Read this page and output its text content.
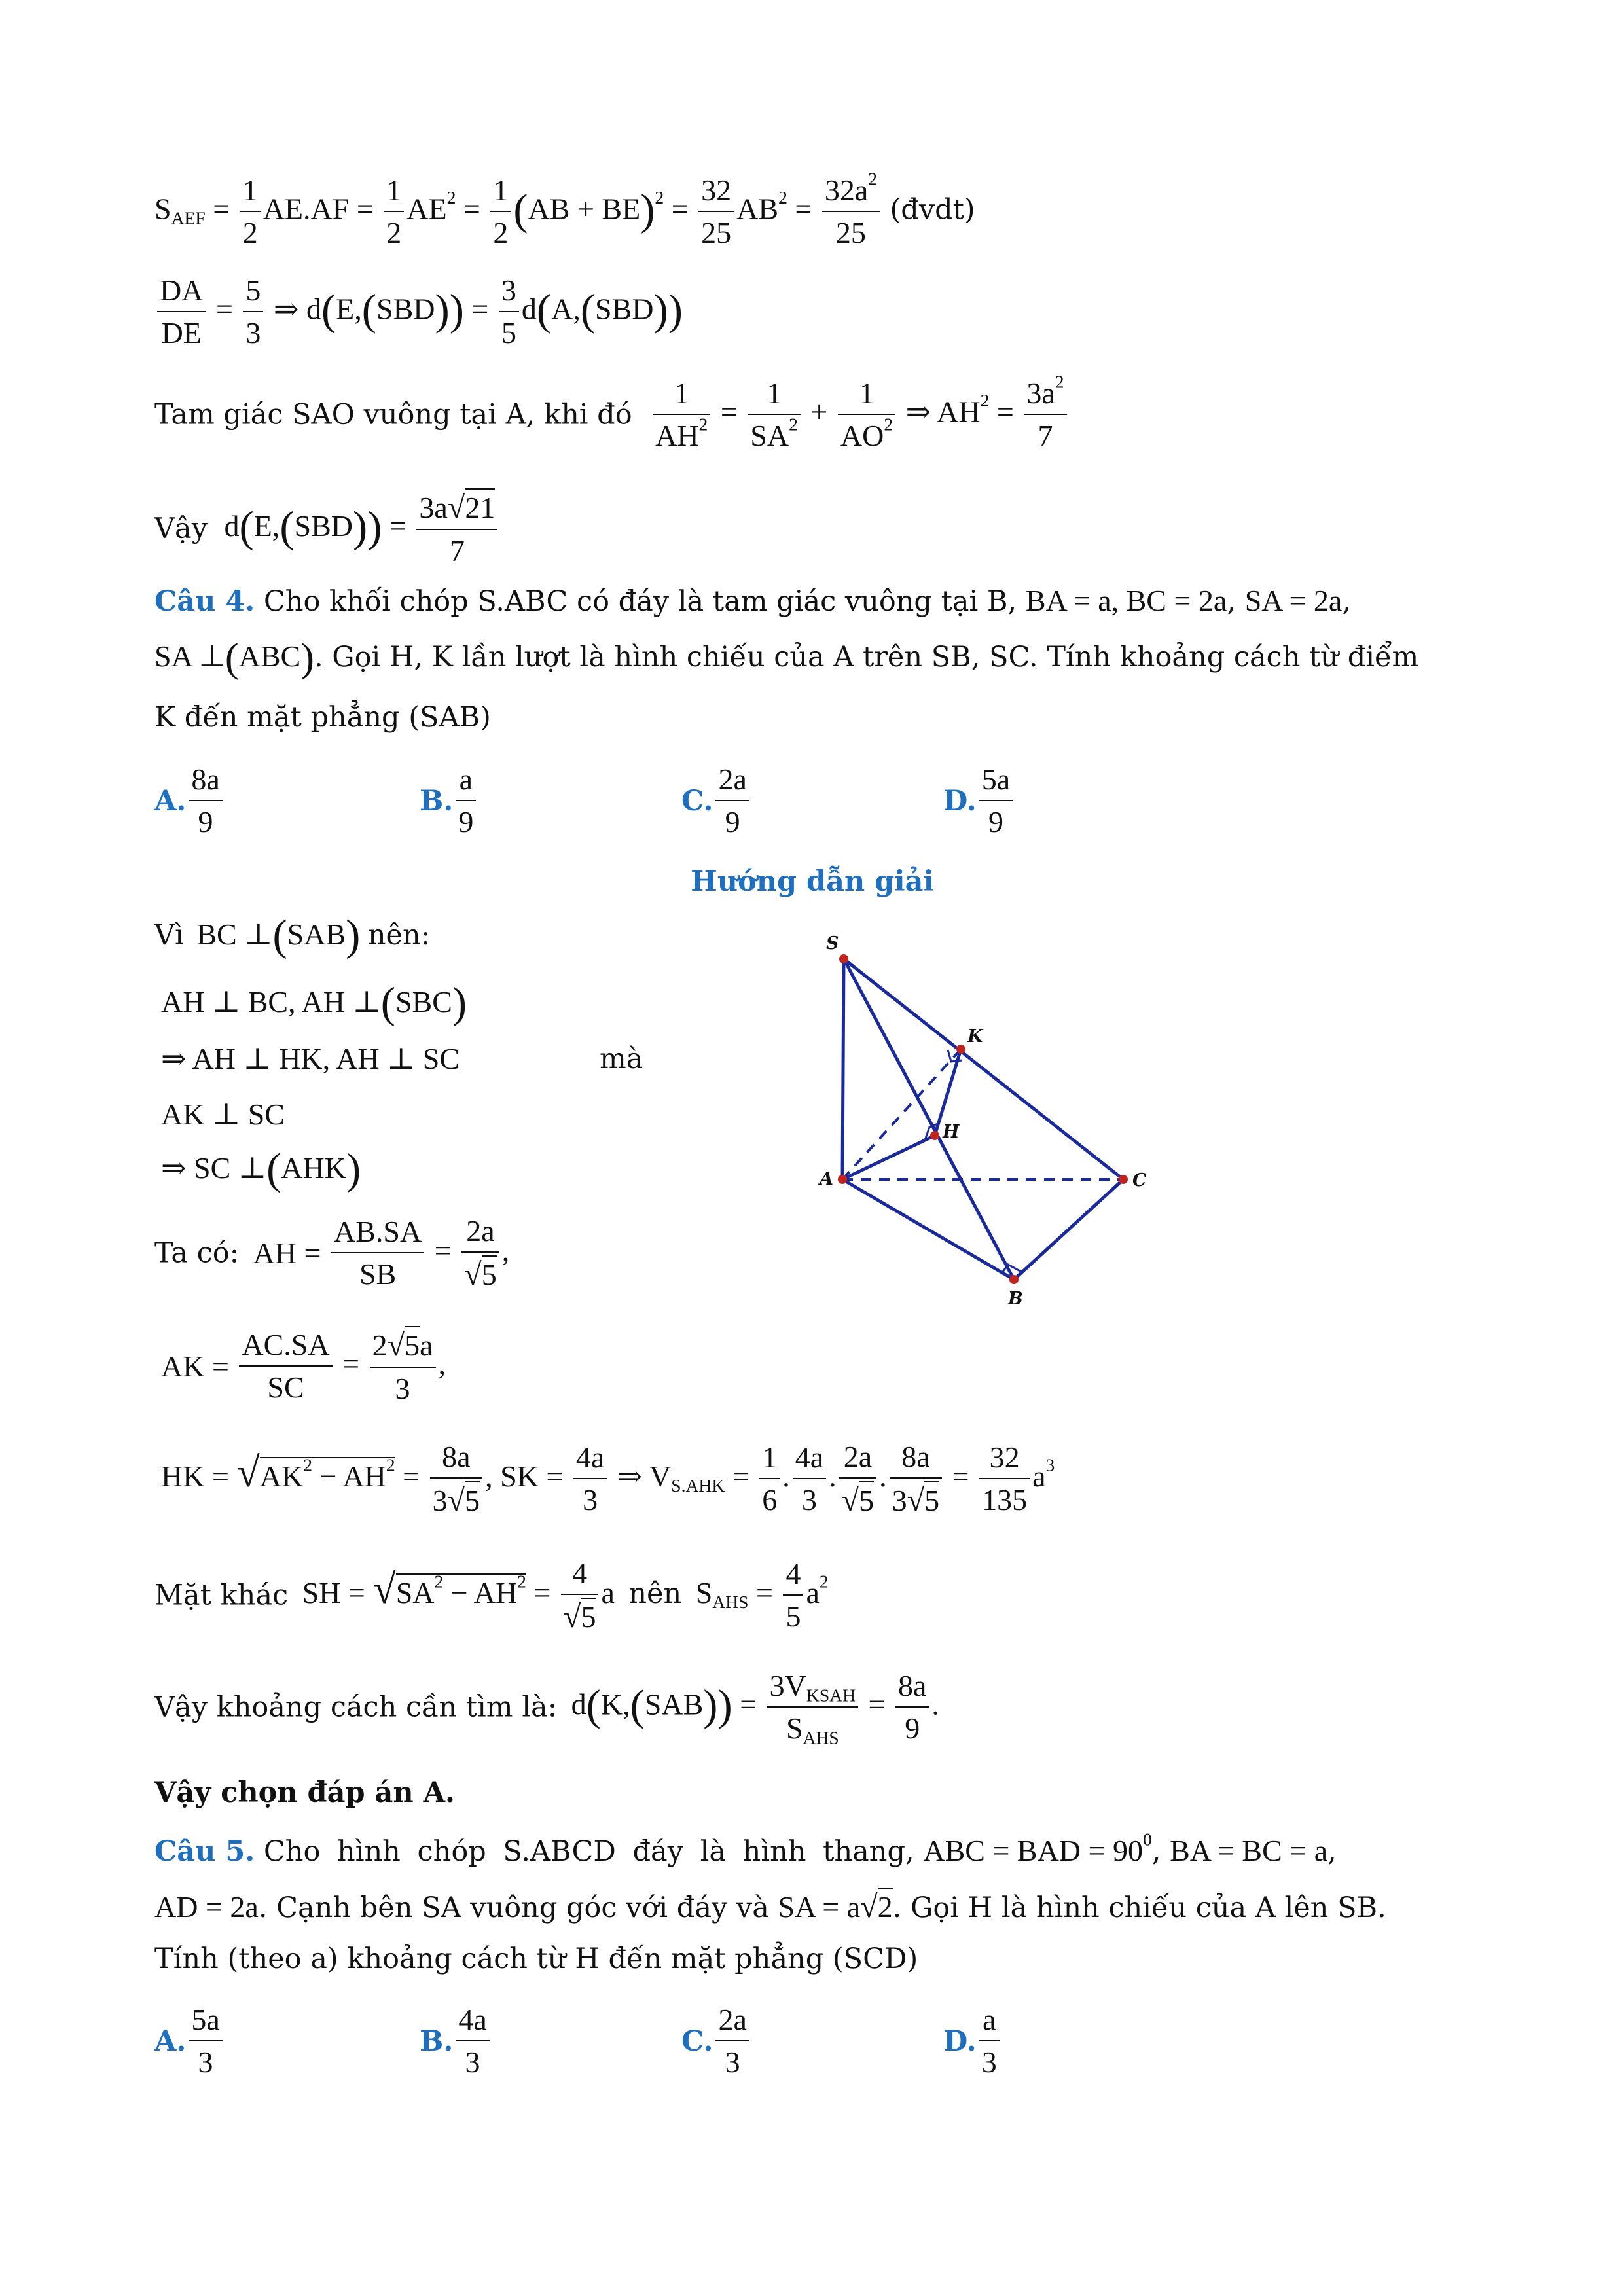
$S_{AEF} = \frac{1}{2} AE.AF = \frac{1}{2} AE^2 = \frac{1}{2} (AB + BE)^2 = \frac{32}{25} AB^2 = \frac{32a^2}{25}$ (đvdt)
$\frac{DA}{DE} = \frac{5}{3}$ ⇒ $d(E,(SBD)) = \frac{3}{5} d(A,(SBD))$
Tam giác SAO vuông tại A, khi đó $\frac{1}{AH^2} = \frac{1}{SA^2} + \frac{1}{AO^2}$ ⇒ $AH^2 = \frac{3a^2}{7}$
Vậy $d(E,(SBD)) = \frac{3a√21}{7}$
Câu 4. Cho khối chóp S.ABC có đáy là tam giác vuông tại B, BA = a, BC = 2a, SA = 2a,
SA ⊥(ABC). Gọi H, K lần lượt là hình chiếu của A trên SB, SC. Tính khoảng cách từ điểm
K đến mặt phẳng (SAB)
A. $\frac{8a}{9}$	B. $\frac{a}{9}$	C. $\frac{2a}{9}$	D. $\frac{5a}{9}$
Hướng dẫn giải
Vì BC ⊥(SAB) nên:
AH ⊥ BC, AH ⊥(SBC)
⇒ AH ⊥ HK, AH ⊥ SC	mà
AK ⊥ SC
⇒ SC ⊥(AHK)
Ta có: AH = $\frac{AB.SA}{SB} = \frac{2a}{√5}$ ,
AK = $\frac{AC.SA}{SC} = \frac{2√5a}{3}$ ,
HK = $√AK^2 - AH^2 = \frac{8a}{3√5}$ , SK = $\frac{4a}{3}$ ⇒ $V_{S.AHK} = \frac{1}{6}$ . $\frac{4a}{3}$ . $\frac{2a}{√5}$ . $\frac{8a}{3√5} = \frac{32}{135} a^3$
Mặt khác SH = $√SA^2 - AH^2 = \frac{4}{√5}$ a nên $S_{AHS} = \frac{4}{5} a^2$
Vậy khoảng cách cần tìm là: $d(K,(SAB)) = \frac{3V_{KSAH}}{S_{AHS}} = \frac{8a}{9}$ .
Vậy chọn đáp án A.
Câu 5. Cho hình chóp S.ABCD đáy là hình thang, ABC = BAD = $90^0$, BA = BC = a,
AD = 2a. Cạnh bên SA vuông góc với đáy và SA = a√2. Gọi H là hình chiếu của A lên SB.
Tính (theo a) khoảng cách từ H đến mặt phẳng (SCD)
A. $\frac{5a}{3}$	B. $\frac{4a}{3}$	C. $\frac{2a}{3}$	D. $\frac{a}{3}$
S
K
H
A	C
B
